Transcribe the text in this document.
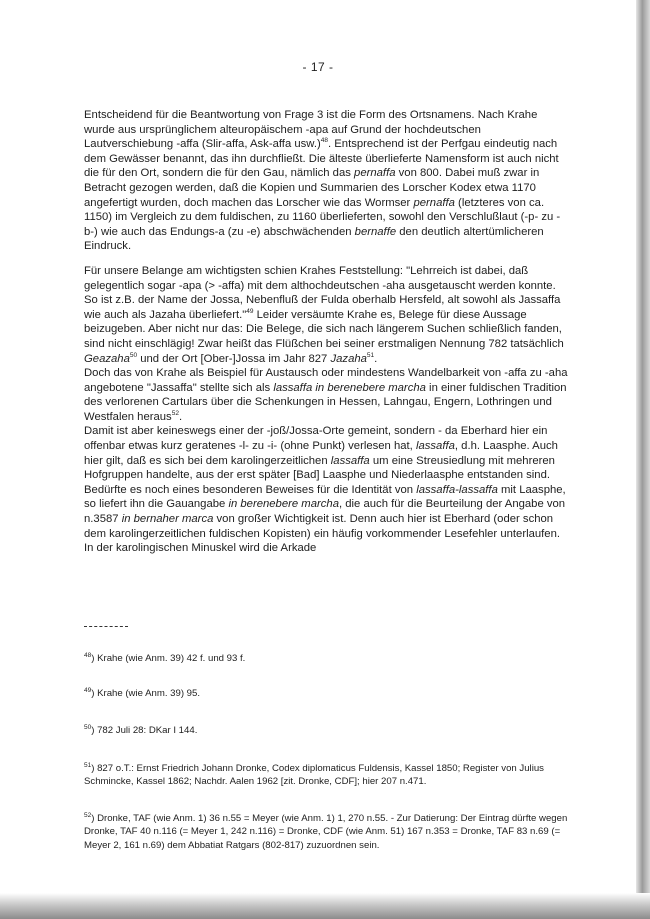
- 17 -

Entscheidend für die Beantwortung von Frage 3 ist die Form des Ortsnamens. Nach Krahe wurde aus ursprünglichem alteuropäischem -apa auf Grund der hochdeutschen Lautverschiebung -affa (Slir-affa, Ask-affa usw.)$^{48}$. Entsprechend ist der Perfgau eindeutig nach dem Gewässer benannt, das ihn durchfließt. Die älteste überlieferte Namensform ist auch nicht die für den Ort, sondern die für den Gau, nämlich das pernaffa von 800. Dabei muß zwar in Betracht gezogen werden, daß die Kopien und Summarien des Lorscher Kodex etwa 1170 angefertigt wurden, doch machen das Lorscher wie das Wormser pernaffa (letzteres von ca. 1150) im Vergleich zu dem fuldischen, zu 1160 überlieferten, sowohl den Verschlußlaut (-p- zu -b-) wie auch das Endungs-a (zu -e) abschwächenden bernaffe den deutlich altertümlicheren Eindruck.

Für unsere Belange am wichtigsten schien Krahes Feststellung: "Lehrreich ist dabei, daß gelegentlich sogar -apa (> -affa) mit dem althochdeutschen -aha ausgetauscht werden konnte. So ist z.B. der Name der Jossa, Nebenfluß der Fulda oberhalb Hersfeld, alt sowohl als Jassaffa wie auch als Jazaha überliefert."$^{49}$ Leider versäumte Krahe es, Belege für diese Aussage beizugeben. Aber nicht nur das: Die Belege, die sich nach längerem Suchen schließlich fanden, sind nicht einschlägig! Zwar heißt das Flüßchen bei seiner erstmaligen Nennung 782 tatsächlich Geazaha$^{50}$ und der Ort [Ober-]Jossa im Jahr 827 Jazaha$^{51}$.

Doch das von Krahe als Beispiel für Austausch oder mindestens Wandelbarkeit von -affa zu -aha angebotene "Jassaffa" stellte sich als lassaffa in berenebere marcha in einer fuldischen Tradition des verlorenen Cartulars über die Schenkungen in Hessen, Lahngau, Engern, Lothringen und Westfalen heraus$^{52}$.

Damit ist aber keineswegs einer der -joß/Jossa-Orte gemeint, sondern - da Eberhard hier ein offenbar etwas kurz geratenes -l- zu -i- (ohne Punkt) verlesen hat, lassaffa, d.h. Laasphe. Auch hier gilt, daß es sich bei dem karolingerzeitlichen lassaffa um eine Streusiedlung mit mehreren Hofgruppen handelte, aus der erst später [Bad] Laasphe und Niederlaasphe entstanden sind.

Bedürfte es noch eines besonderen Beweises für die Identität von lassaffa-lassaffa mit Laasphe, so liefert ihn die Gauangabe in berenebere marcha, die auch für die Beurteilung der Angabe von n.3587 in bernaher marca von großer Wichtigkeit ist. Denn auch hier ist Eberhard (oder schon dem karolingerzeitlichen fuldischen Kopisten) ein häufig vorkommender Lesefehler unterlaufen. In der karolingischen Minuskel wird die Arkade

$^{48}$) Krahe (wie Anm. 39) 42 f. und 93 f.

$^{49}$) Krahe (wie Anm. 39) 95.

$^{50}$) 782 Juli 28: DKar I 144.

$^{51}$) 827 o.T.: Ernst Friedrich Johann Dronke, Codex diplomaticus Fuldensis, Kassel 1850; Register von Julius Schmincke, Kassel 1862; Nachdr. Aalen 1962 [zit. Dronke, CDF]; hier 207 n.471.

$^{52}$) Dronke, TAF (wie Anm. 1) 36 n.55 = Meyer (wie Anm. 1) 1, 270 n.55. - Zur Datierung: Der Eintrag dürfte wegen Dronke, TAF 40 n.116 (= Meyer 1, 242 n.116) = Dronke, CDF (wie Anm. 51) 167 n.353 = Dronke, TAF 83 n.69 (= Meyer 2, 161 n.69) dem Abbatiat Ratgars (802-817) zuzuordnen sein.
